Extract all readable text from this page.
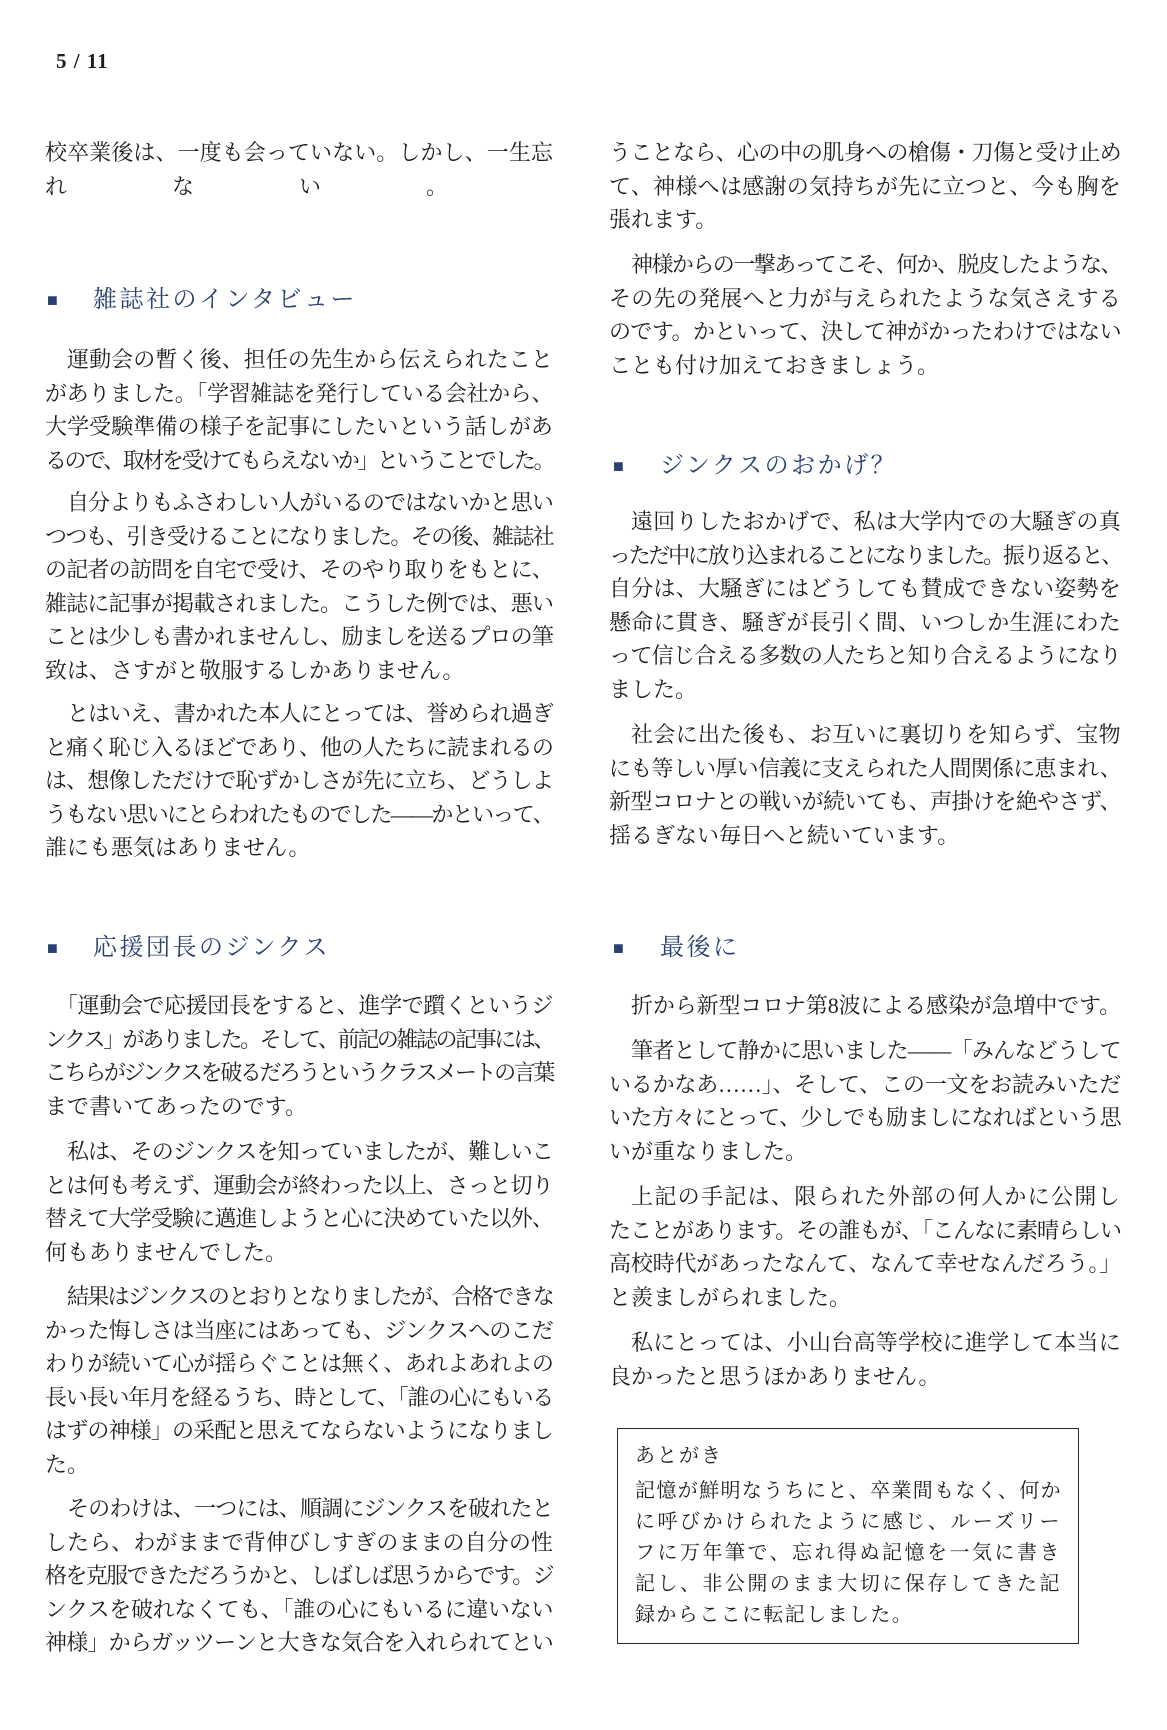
5 / 11
校卒業後は、一度も会っていない。しかし、一生忘
れない。
■	雑誌社のインタビュー
運動会の暫く後、担任の先生から伝えられたこと
がありました。「学習雑誌を発行している会社から、
大学受験準備の様子を記事にしたいという話しがあ
るので、取材を受けてもらえないか」ということでした。
自分よりもふさわしい人がいるのではないかと思い
つつも、引き受けることになりました。その後、雑誌社
の記者の訪問を自宅で受け、そのやり取りをもとに、
雑誌に記事が掲載されました。こうした例では、悪い
ことは少しも書かれませんし、励ましを送るプロの筆
致は、さすがと敬服するしかありません。
とはいえ、書かれた本人にとっては、誉められ過ぎ
と痛く恥じ入るほどであり、他の人たちに読まれるの
は、想像しただけで恥ずかしさが先に立ち、どうしよ
うもない思いにとらわれたものでした――かといって、
誰にも悪気はありません。
■	応援団長のジンクス
「運動会で応援団長をすると、進学で躓くというジ
ンクス」がありました。そして、前記の雑誌の記事には、
こちらがジンクスを破るだろうというクラスメートの言葉
まで書いてあったのです。
私は、そのジンクスを知っていましたが、難しいこ
とは何も考えず、運動会が終わった以上、さっと切り
替えて大学受験に邁進しようと心に決めていた以外、
何もありませんでした。
結果はジンクスのとおりとなりましたが、合格できな
かった悔しさは当座にはあっても、ジンクスへのこだ
わりが続いて心が揺らぐことは無く、あれよあれよの
長い長い年月を経るうち、時として、「誰の心にもいる
はずの神様」の采配と思えてならないようになりまし
た。
そのわけは、一つには、順調にジンクスを破れたと
したら、わがままで背伸びしすぎのままの自分の性
格を克服できただろうかと、しばしば思うからです。ジ
ンクスを破れなくても、「誰の心にもいるに違いない
神様」からガッツーンと大きな気合を入れられてとい
うことなら、心の中の肌身への槍傷・刀傷と受け止め
て、神様へは感謝の気持ちが先に立つと、今も胸を
張れます。
神様からの一撃あってこそ、何か、脱皮したような、
その先の発展へと力が与えられたような気さえする
のです。かといって、決して神がかったわけではない
ことも付け加えておきましょう。
■	ジンクスのおかげ？
遠回りしたおかげで、私は大学内での大騒ぎの真
っただ中に放り込まれることになりました。振り返ると、
自分は、大騒ぎにはどうしても賛成できない姿勢を
懸命に貫き、騒ぎが長引く間、いつしか生涯にわた
って信じ合える多数の人たちと知り合えるようになり
ました。
社会に出た後も、お互いに裏切りを知らず、宝物
にも等しい厚い信義に支えられた人間関係に恵まれ、
新型コロナとの戦いが続いても、声掛けを絶やさず、
揺るぎない毎日へと続いています。
■	最後に
折から新型コロナ第8波による感染が急増中です。
筆者として静かに思いました――「みんなどうして
いるかなあ……」、そして、この一文をお読みいただ
いた方々にとって、少しでも励ましになればという思
いが重なりました。
上記の手記は、限られた外部の何人かに公開し
たことがあります。その誰もが、「こんなに素晴らしい
高校時代があったなんて、なんて幸せなんだろう。」
と羨ましがられました。
私にとっては、小山台高等学校に進学して本当に
良かったと思うほかありません。
あとがき
記憶が鮮明なうちにと、卒業間もなく、何か
に呼びかけられたように感じ、ルーズリー
フに万年筆で、忘れ得ぬ記憶を一気に書き
記し、非公開のまま大切に保存してきた記
録からここに転記しました。
